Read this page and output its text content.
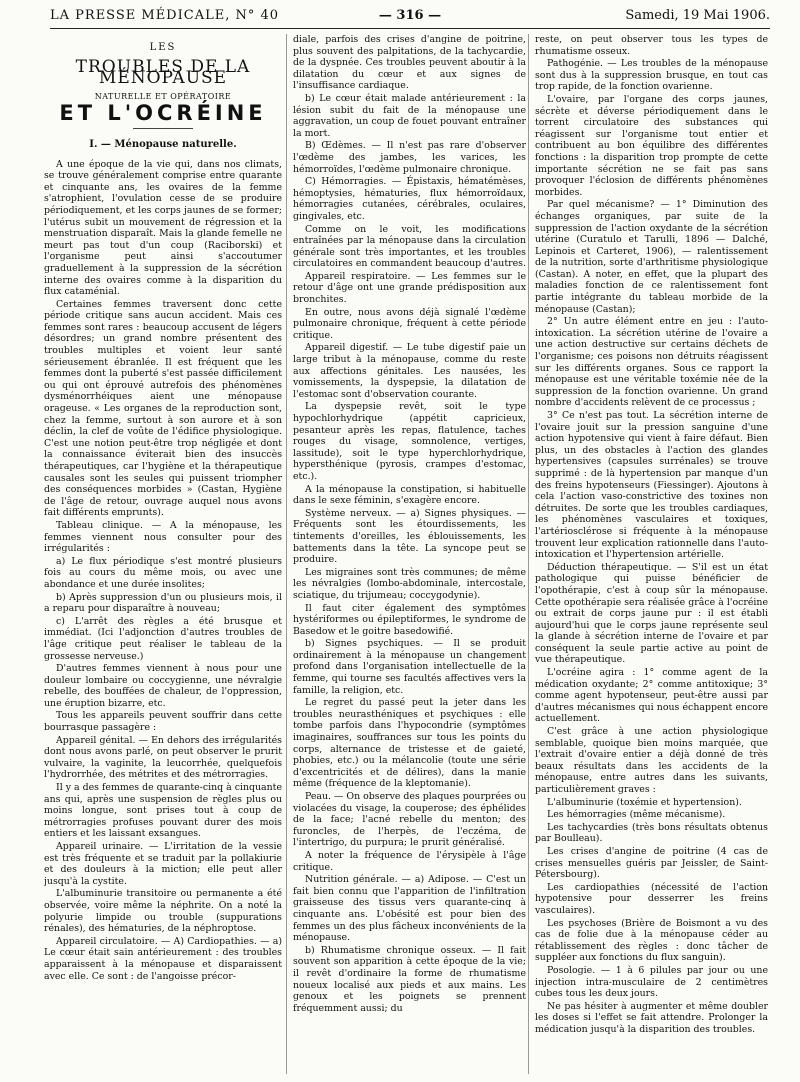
LA PRESSE MÉDICALE, N° 40	— 316 —	Samedi, 19 Mai 1906.
LES
TROUBLES DE LA MÉNOPAUSE
NATURELLE ET OPÉRATOIRE
ET L'OCRÉINE
I. — Ménopause naturelle.

A une époque de la vie qui, dans nos climats, se trouve généralement comprise entre quarante et cinquante ans, les ovaires de la femme s'atrophient, l'ovulation cesse de se produire périodiquement, et les corps jaunes de se former; l'utérus subit un mouvement de régression et la menstruation disparaît. Mais la glande femelle ne meurt pas tout d'un coup (Raciborski) et l'organisme peut ainsi s'accoutumer graduellement à la suppression de la sécrétion interne des ovaires comme à la disparition du flux cataménial.

Certaines femmes traversent donc cette période critique sans aucun accident. Mais ces femmes sont rares : beaucoup accusent de légers désordres; un grand nombre présentent des troubles multiples et voient leur santé sérieusement ébranlée. Il est fréquent que les femmes dont la puberté s'est passée difficilement ou qui ont éprouvé autrefois des phénomènes dysménorrhéiques aient une ménopause orageuse. « Les organes de la reproduction sont, chez la femme, surtout à son aurore et à son déclin, la clef de voûte de l'édifice physiologique. C'est une notion peut-être trop négligée et dont la connaissance éviterait bien des insuccès thérapeutiques, car l'hygiène et la thérapeutique causales sont les seules qui puissent triompher des conséquences morbides » (Castan, Hygiène de l'âge de retour, ouvrage auquel nous avons fait différents emprunts).

Tableau clinique. — A la ménopause, les femmes viennent nous consulter pour des irrégularités :

a) Le flux périodique s'est montré plusieurs fois au cours du même mois, ou avec une abondance et une durée insolites;

b) Après suppression d'un ou plusieurs mois, il a reparu pour disparaître à nouveau;

c) L'arrêt des règles a été brusque et immédiat. (Ici l'adjonction d'autres troubles de l'âge critique peut réaliser le tableau de la grossesse nerveuse.)

D'autres femmes viennent à nous pour une douleur lombaire ou coccygienne, une névralgie rebelle, des bouffées de chaleur, de l'oppression, une éruption bizarre, etc.

Tous les appareils peuvent souffrir dans cette bourrasque passagère :

Appareil génital. — En dehors des irrégularités dont nous avons parlé, on peut observer le prurit vulvaire, la vaginite, la leucorrhée, quelquefois l'hydrorrhée, des métrites et des métrorragies.

Il y a des femmes de quarante-cinq à cinquante ans qui, après une suspension de règles plus ou moins longue, sont prises tout à coup de métrorragies profuses pouvant durer des mois entiers et les laissant exsangues.

Appareil urinaire. — L'irritation de la vessie est très fréquente et se traduit par la pollakiurie et des douleurs à la miction; elle peut aller jusqu'à la cystite.

L'albuminurie transitoire ou permanente a été observée, voire même la néphrite. On a noté la polyurie limpide ou trouble (suppurations rénales), des hématuries, de la néphroptose.

Appareil circulatoire. — A) Cardiopathies. — a) Le cœur était sain antérieurement : des troubles apparaissent à la ménopause et disparaissent avec elle. Ce sont : de l'angoisse précor-

diale, parfois des crises d'angine de poitrine, plus souvent des palpitations, de la tachycardie, de la dyspnée. Ces troubles peuvent aboutir à la dilatation du cœur et aux signes de l'insuffisance cardiaque.

b) Le cœur était malade antérieurement : la lésion subit du fait de la ménopause une aggravation, un coup de fouet pouvant entraîner la mort.

B) Œdèmes. — Il n'est pas rare d'observer l'œdème des jambes, les varices, les hémorroïdes, l'œdème pulmonaire chronique.

C) Hémorragies. — Épistaxis, hématémèses, hémoptysies, hématuries, flux hémorroïdaux, hémorragies cutanées, cérébrales, oculaires, gingivales, etc.

Comme on le voit, les modifications entraînées par la ménopause dans la circulation générale sont très importantes, et les troubles circulatoires en commandent beaucoup d'autres.

Appareil respiratoire. — Les femmes sur le retour d'âge ont une grande prédisposition aux bronchites.

En outre, nous avons déjà signalé l'œdème pulmonaire chronique, fréquent à cette période critique.

Appareil digestif. — Le tube digestif paie un large tribut à la ménopause, comme du reste aux affections génitales. Les nausées, les vomissements, la dyspepsie, la dilatation de l'estomac sont d'observation courante.

La dyspepsie revêt, soit le type hypochlorhydrique (appétit capricieux, pesanteur après les repas, flatulence, taches rouges du visage, somnolence, vertiges, lassitude), soit le type hyperchlorhydrique, hypersthénique (pyrosis, crampes d'estomac, etc.).

A la ménopause la constipation, si habituelle dans le sexe féminin, s'exagère encore.

Système nerveux. — a) Signes physiques. — Fréquents sont les étourdissements, les tintements d'oreilles, les éblouissements, les battements dans la tête. La syncope peut se produire.

Les migraines sont très communes; de même les névralgies (lombo-abdominale, intercostale, sciatique, du trijumeau; coccygodynie).

Il faut citer également des symptômes hystériformes ou épileptiformes, le syndrome de Basedow et le goitre basedowifié.

b) Signes psychiques. — Il se produit ordinairement à la ménopause un changement profond dans l'organisation intellectuelle de la femme, qui tourne ses facultés affectives vers la famille, la religion, etc.

Le regret du passé peut la jeter dans les troubles neurasthéniques et psychiques : elle tombe parfois dans l'hypocondrie (symptômes imaginaires, souffrances sur tous les points du corps, alternance de tristesse et de gaieté, phobies, etc.) ou la mélancolie (toute une série d'excentricités et de délires), dans la manie même (fréquence de la kleptomanie).

Peau. — On observe des plaques pourprées ou violacées du visage, la couperose; des éphélides de la face; l'acné rebelle du menton; des furoncles, de l'herpès, de l'eczéma, de l'intertrigo, du purpura; le prurit généralisé.

A noter la fréquence de l'érysipèle à l'âge critique.

Nutrition générale. — a) Adipose. — C'est un fait bien connu que l'apparition de l'infiltration graisseuse des tissus vers quarante-cinq à cinquante ans. L'obésité est pour bien des femmes un des plus fâcheux inconvénients de la ménopause.

b) Rhumatisme chronique osseux. — Il fait souvent son apparition à cette époque de la vie; il revêt d'ordinaire la forme de rhumatisme noueux localisé aux pieds et aux mains. Les genoux et les poignets se prennent fréquemment aussi; du

reste, on peut observer tous les types de rhumatisme osseux.

Pathogénie. — Les troubles de la ménopause sont dus à la suppression brusque, en tout cas trop rapide, de la fonction ovarienne.

L'ovaire, par l'organe des corps jaunes, sécrète et déverse périodiquement dans le torrent circulatoire des substances qui réagissent sur l'organisme tout entier et contribuent au bon équilibre des différentes fonctions : la disparition trop prompte de cette importante sécrétion ne se fait pas sans provoquer l'éclosion de différents phénomènes morbides.

Par quel mécanisme? — 1° Diminution des échanges organiques, par suite de la suppression de l'action oxydante de la sécrétion utérine (Curatulo et Tarulli, 1896 — Dalché, Lepinois et Carteret, 1906), — ralentissement de la nutrition, sorte d'arthritisme physiologique (Castan). A noter, en effet, que la plupart des maladies fonction de ce ralentissement font partie intégrante du tableau morbide de la ménopause (Castan);

2° Un autre élément entre en jeu : l'auto-intoxication. La sécrétion utérine de l'ovaire a une action destructive sur certains déchets de l'organisme; ces poisons non détruits réagissent sur les différents organes. Sous ce rapport la ménopause est une véritable toxémie née de la suppression de la fonction ovarienne. Un grand nombre d'accidents relèvent de ce processus ;

3° Ce n'est pas tout. La sécrétion interne de l'ovaire jouit sur la pression sanguine d'une action hypotensive qui vient à faire défaut. Bien plus, un des obstacles à l'action des glandes hypertensives (capsules surrénales) se trouve supprimé : de là hypertension par manque d'un des freins hypotenseurs (Fiessinger). Ajoutons à cela l'action vaso-constrictive des toxines non détruites. De sorte que les troubles cardiaques, les phénomènes vasculaires et toxiques, l'artériosclérose si fréquente à la ménopause trouvent leur explication rationnelle dans l'auto-intoxication et l'hypertension artérielle.

Déduction thérapeutique. — S'il est un état pathologique qui puisse bénéficier de l'opothérapie, c'est à coup sûr la ménopause. Cette opothérapie sera réalisée grâce à l'ocréine ou extrait de corps jaune pur : il est établi aujourd'hui que le corps jaune représente seul la glande à sécrétion interne de l'ovaire et par conséquent la seule partie active au point de vue thérapeutique.

L'ocréine agira : 1° comme agent de la médication oxydante; 2° comme antitoxique; 3° comme agent hypotenseur, peut-être aussi par d'autres mécanismes qui nous échappent encore actuellement.

C'est grâce à une action physiologique semblable, quoique bien moins marquée, que l'extrait d'ovaire entier a déjà donné de très beaux résultats dans les accidents de la ménopause, entre autres dans les suivants, particulièrement graves :

L'albuminurie (toxémie et hypertension).

Les hémorragies (même mécanisme).

Les tachycardies (très bons résultats obtenus par Boulleau).

Les crises d'angine de poitrine (4 cas de crises mensuelles guéris par Jeissler, de Saint-Pétersbourg).

Les cardiopathies (nécessité de l'action hypotensive pour desserrer les freins vasculaires).

Les psychoses (Brière de Boismont a vu des cas de folie due à la ménopause céder au rétablissement des règles : donc tâcher de suppléer aux fonctions du flux sanguin).

Posologie. — 1 à 6 pilules par jour ou une injection intra-musculaire de 2 centimètres cubes tous les deux jours.

Ne pas hésiter à augmenter et même doubler les doses si l'effet se fait attendre. Prolonger la médication jusqu'à la disparition des troubles.
